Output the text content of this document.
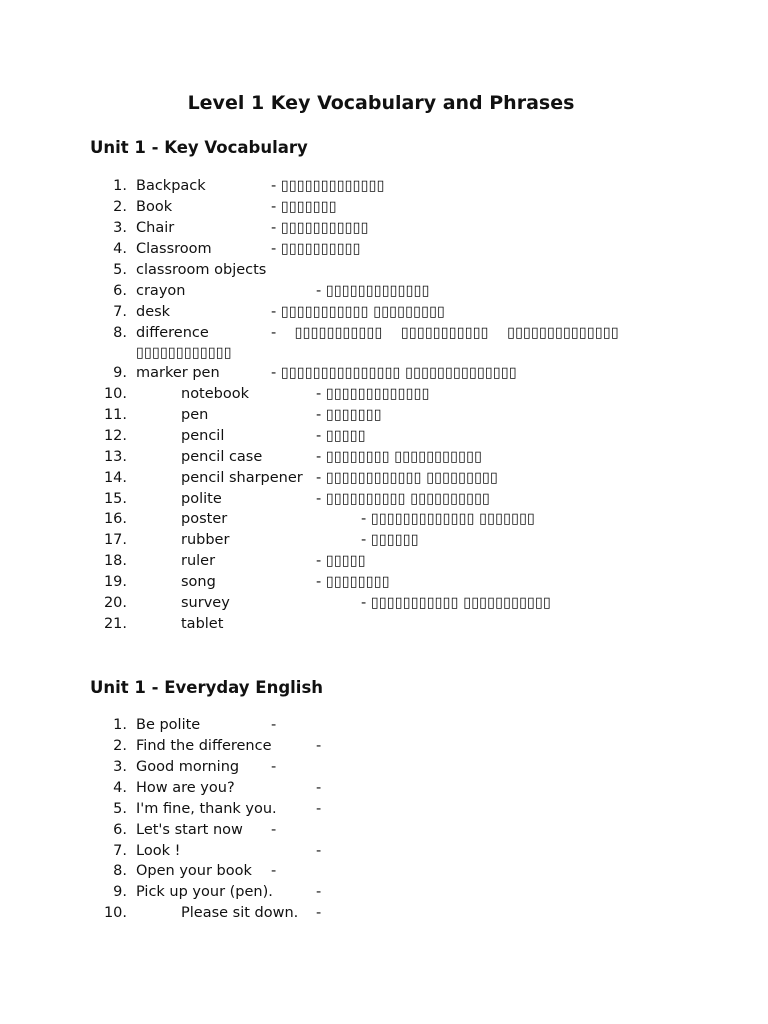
Level 1 Key Vocabulary and Phrases
Unit 1 - Key Vocabulary
1. Backpack	- ▯▯▯▯▯▯▯▯▯▯▯▯▯
2. Book	- ▯▯▯▯▯▯▯
3. Chair	- ▯▯▯▯▯▯▯▯▯▯▯
4. Classroom	- ▯▯▯▯▯▯▯▯▯▯
5. classroom objects
6. crayon	- ▯▯▯▯▯▯▯▯▯▯▯▯▯
7. desk	- ▯▯▯▯▯▯▯▯▯▯▯ ▯▯▯▯▯▯▯▯▯
8. difference	-    ▯▯▯▯▯▯▯▯▯▯▯    ▯▯▯▯▯▯▯▯▯▯▯    ▯▯▯▯▯▯▯▯▯▯▯▯▯▯
▯▯▯▯▯▯▯▯▯▯▯▯
9. marker pen	- ▯▯▯▯▯▯▯▯▯▯▯▯▯▯▯ ▯▯▯▯▯▯▯▯▯▯▯▯▯▯
10.	notebook	- ▯▯▯▯▯▯▯▯▯▯▯▯▯
11.	pen	- ▯▯▯▯▯▯▯
12.	pencil	- ▯▯▯▯▯
13.	pencil case	- ▯▯▯▯▯▯▯▯ ▯▯▯▯▯▯▯▯▯▯▯
14.	pencil sharpener - ▯▯▯▯▯▯▯▯▯▯▯▯ ▯▯▯▯▯▯▯▯▯
15.	polite	- ▯▯▯▯▯▯▯▯▯▯ ▯▯▯▯▯▯▯▯▯▯
16.	poster	- ▯▯▯▯▯▯▯▯▯▯▯▯▯ ▯▯▯▯▯▯▯
17.	rubber	- ▯▯▯▯▯▯
18.	ruler	- ▯▯▯▯▯
19.	song	- ▯▯▯▯▯▯▯▯
20.	survey	- ▯▯▯▯▯▯▯▯▯▯▯ ▯▯▯▯▯▯▯▯▯▯▯
21.	tablet
Unit 1 - Everyday English
1. Be polite	-
2. Find the difference	-
3. Good morning -
4. How are you?	-
5. I'm fine, thank you.	-
6. Let's start now -
7. Look !	-
8. Open your book -
9. Pick up your (pen).	-
10.	Please sit down. -
